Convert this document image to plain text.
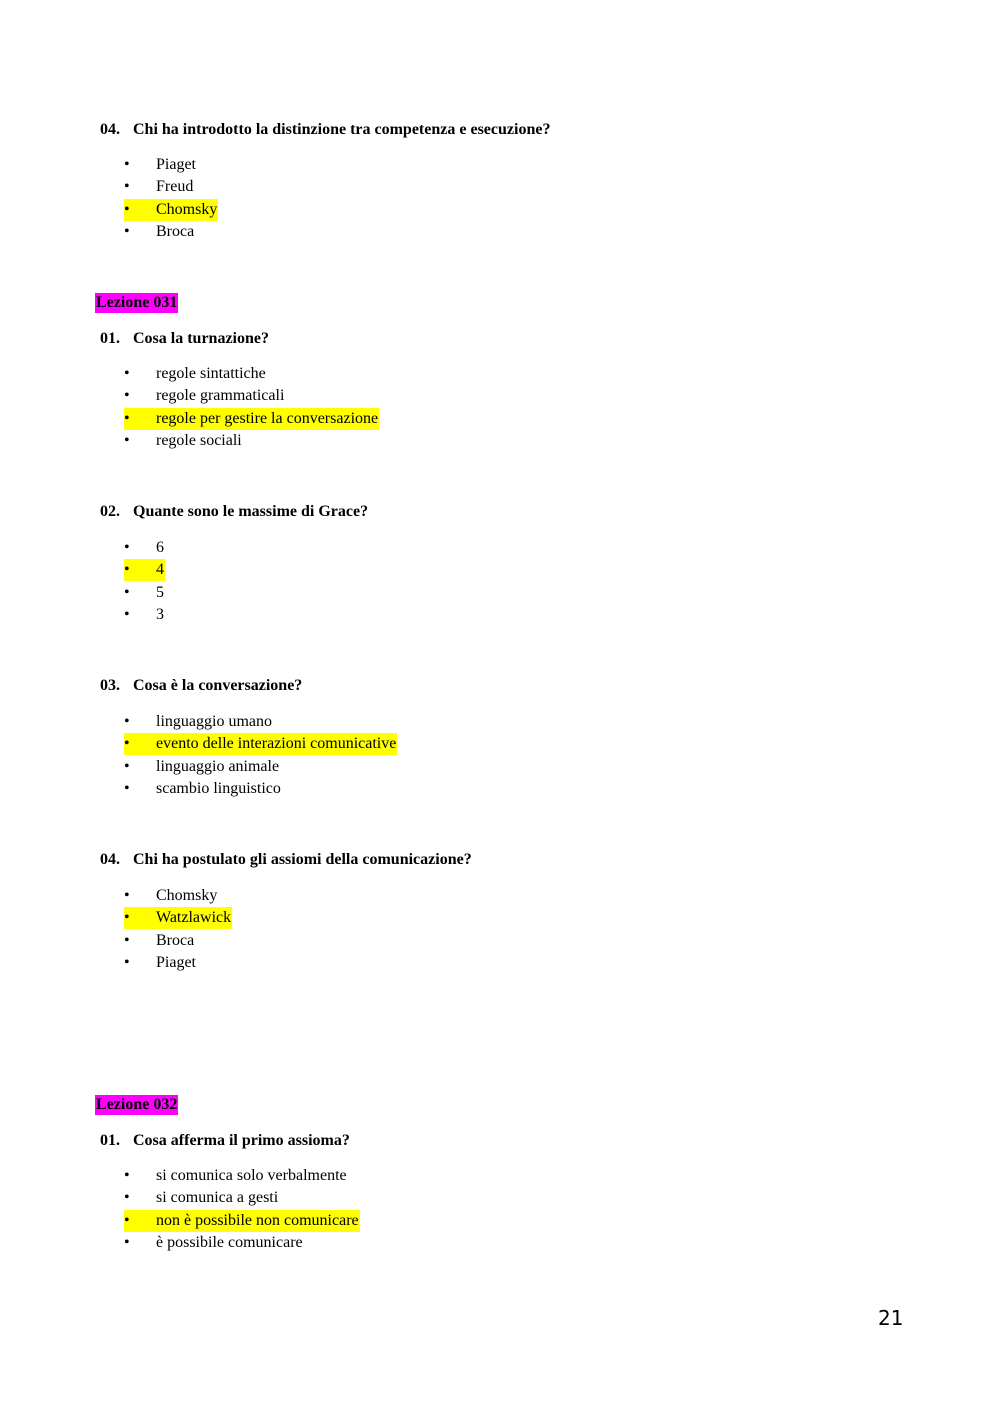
04. Chi ha introdotto la distinzione tra competenza e esecuzione?
• Piaget
• Freud
• Chomsky
• Broca
Lezione 031
01. Cosa la turnazione?
• regole sintattiche
• regole grammaticali
• regole per gestire la conversazione
• regole sociali
02. Quante sono le massime di Grace?
• 6
• 4
• 5
• 3
03. Cosa è la conversazione?
• linguaggio umano
• evento delle interazioni comunicative
• linguaggio animale
• scambio linguistico
04. Chi ha postulato gli assiomi della comunicazione?
• Chomsky
• Watzlawick
• Broca
• Piaget
Lezione 032
01. Cosa afferma il primo assioma?
• si comunica solo verbalmente
• si comunica a gesti
• non è possibile non comunicare
• è possibile comunicare
21
